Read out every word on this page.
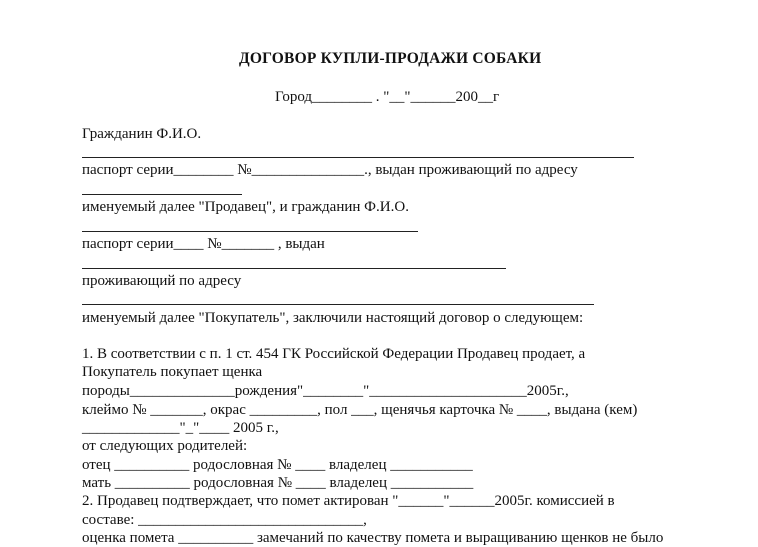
ДОГОВОР КУПЛИ-ПРОДАЖИ СОБАКИ
Город________ . "__"______200__г
Гражданин Ф.И.О.
паспорт серии________ №_______________., выдан проживающий по адресу
именуемый далее "Продавец", и гражданин Ф.И.О.
паспорт серии____ №_______ , выдан
проживающий по адресу
именуемый далее "Покупатель", заключили настоящий договор о следующем:
1. В соответствии с п. 1 ст. 454 ГК Российской Федерации Продавец продает, а
Покупатель покупает щенка
породы______________рождения"________"_____________________2005г.,
клеймо № _______, окрас _________, пол ___, щенячья карточка № ____, выдана (кем)
_____________"_"____ 2005 г.,
от следующих родителей:
отец __________ родословная № ____ владелец ___________
мать __________ родословная № ____ владелец ___________
2. Продавец подтверждает, что помет актирован "______"______2005г. комиссией в
составе: ______________________________,
оценка помета __________ замечаний по качеству помета и выращиванию щенков не было
